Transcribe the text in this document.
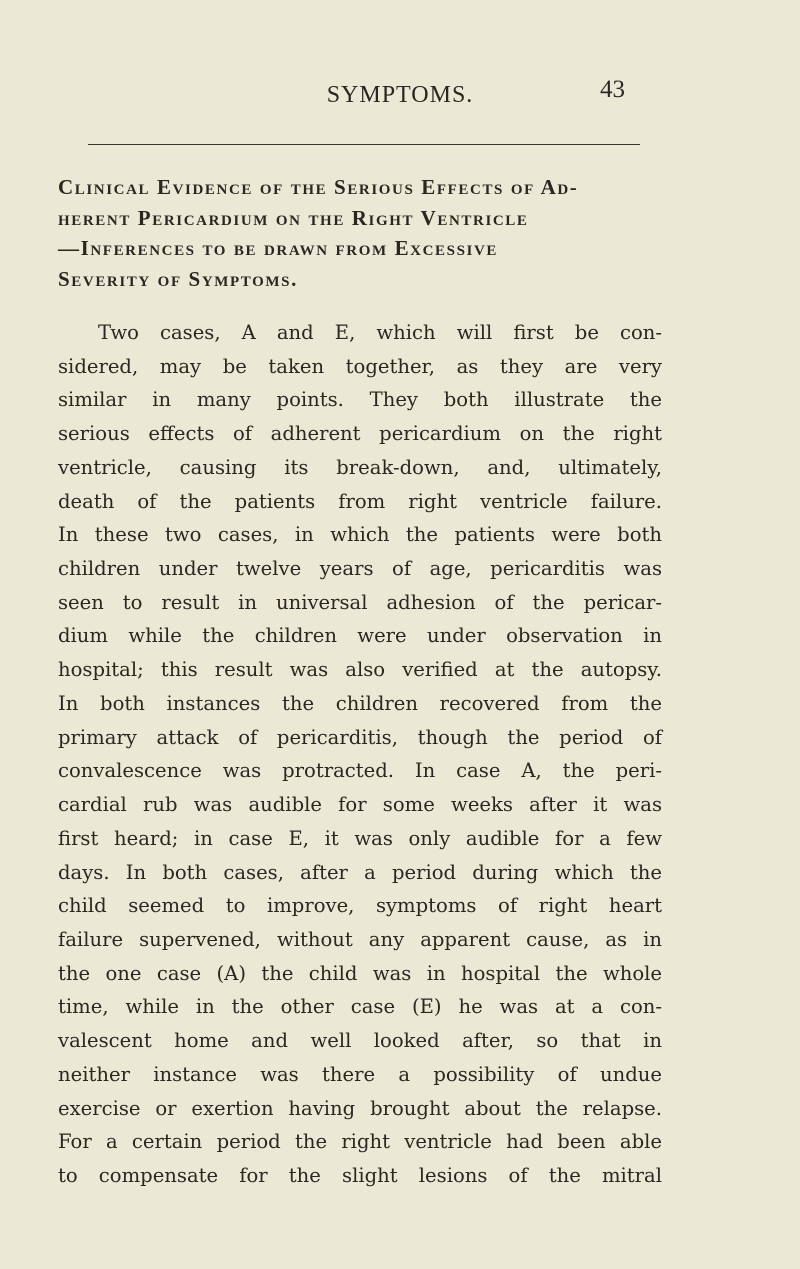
SYMPTOMS.	43
Clinical Evidence of the Serious Effects of Ad-
herent Pericardium on the Right Ventricle
—Inferences to be drawn from Excessive
Severity of Symptoms.
Two cases, A and E, which will first be con-
sidered, may be taken together, as they are very
similar in many points. They both illustrate the
serious effects of adherent pericardium on the right
ventricle, causing its break-down, and, ultimately,
death of the patients from right ventricle failure.
In these two cases, in which the patients were both
children under twelve years of age, pericarditis was
seen to result in universal adhesion of the pericar-
dium while the children were under observation in
hospital; this result was also verified at the autopsy.
In both instances the children recovered from the
primary attack of pericarditis, though the period of
convalescence was protracted. In case A, the peri-
cardial rub was audible for some weeks after it was
first heard; in case E, it was only audible for a few
days. In both cases, after a period during which the
child seemed to improve, symptoms of right heart
failure supervened, without any apparent cause, as in
the one case (A) the child was in hospital the whole
time, while in the other case (E) he was at a con-
valescent home and well looked after, so that in
neither instance was there a possibility of undue
exercise or exertion having brought about the relapse.
For a certain period the right ventricle had been able
to compensate for the slight lesions of the mitral
